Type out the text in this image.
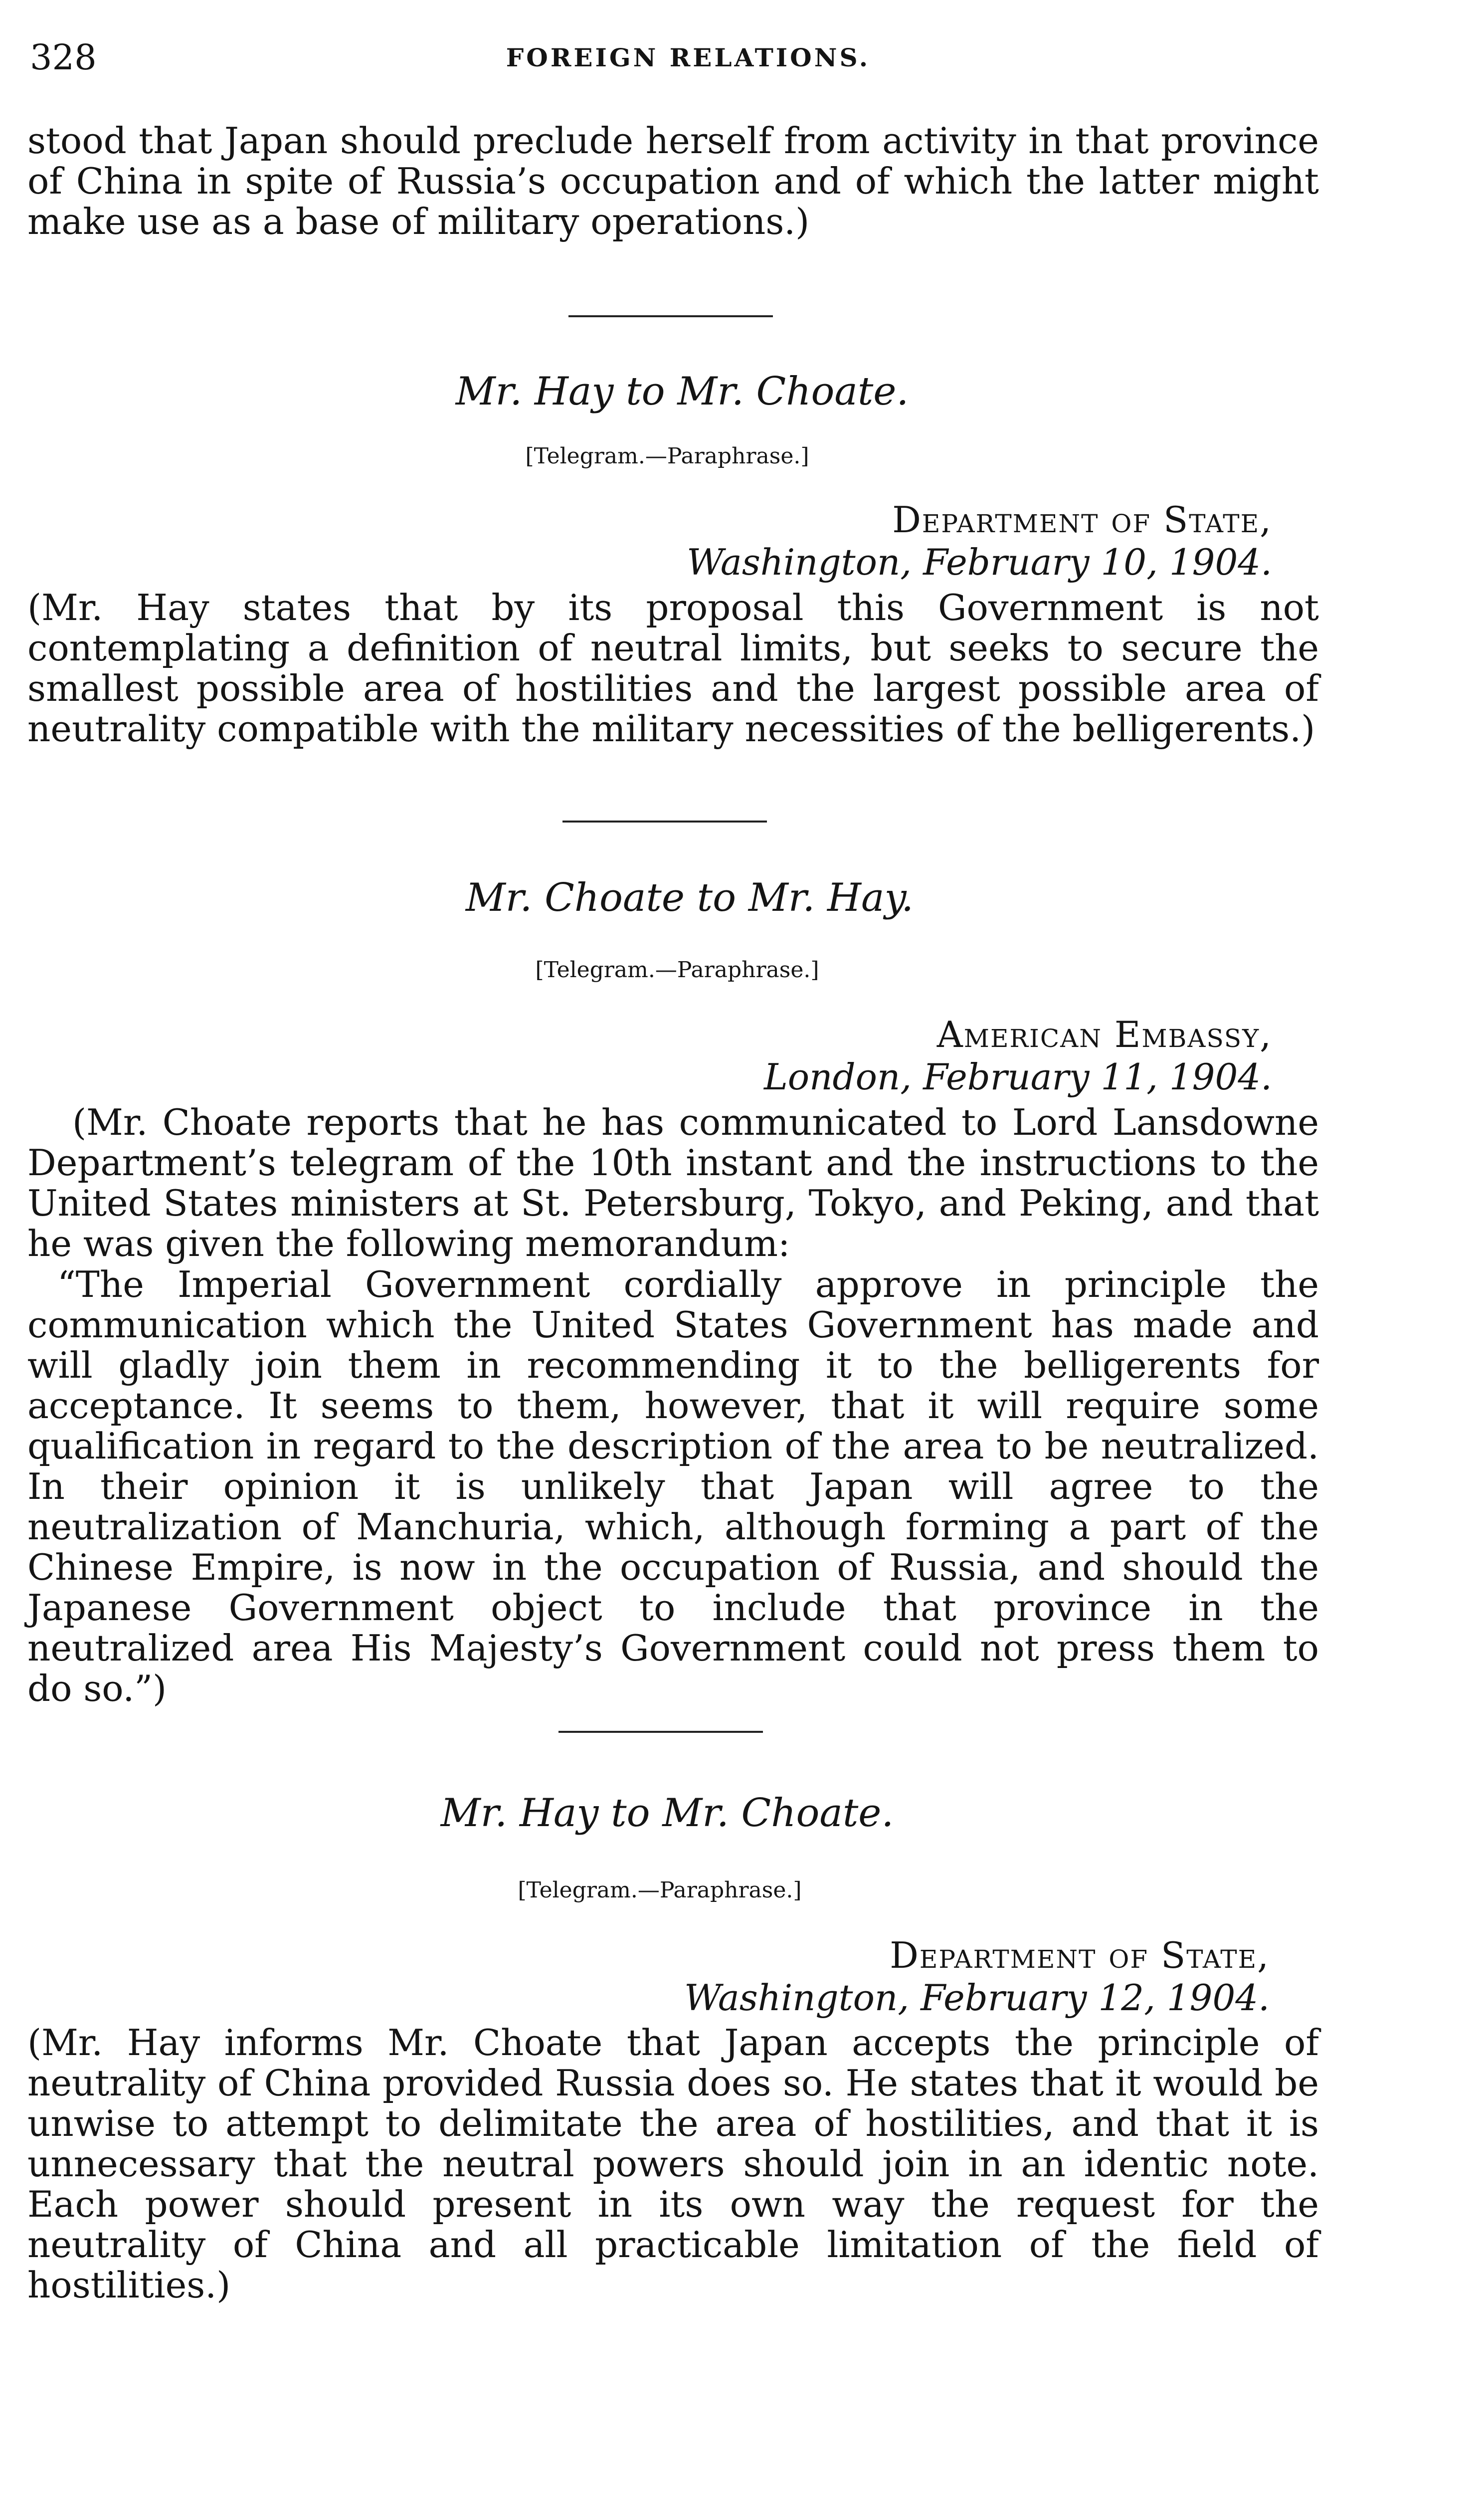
328	FOREIGN RELATIONS.

stood that Japan should preclude herself from activity in that province of China in spite of Russia’s occupation and of which the latter might make use as a base of military operations.)

Mr. Hay to Mr. Choate.
[Telegram.—Paraphrase.]
Department of State,
Washington, February 10, 1904.

(Mr. Hay states that by its proposal this Government is not contemplating a definition of neutral limits, but seeks to secure the smallest possible area of hostilities and the largest possible area of neutrality compatible with the military necessities of the belligerents.)

Mr. Choate to Mr. Hay.
[Telegram.—Paraphrase.]
American Embassy,
London, February 11, 1904.

(Mr. Choate reports that he has communicated to Lord Lansdowne Department’s telegram of the 10th instant and the instructions to the United States ministers at St. Petersburg, Tokyo, and Peking, and that he was given the following memorandum:

“The Imperial Government cordially approve in principle the communication which the United States Government has made and will gladly join them in recommending it to the belligerents for acceptance. It seems to them, however, that it will require some qualification in regard to the description of the area to be neutralized. In their opinion it is unlikely that Japan will agree to the neutralization of Manchuria, which, although forming a part of the Chinese Empire, is now in the occupation of Russia, and should the Japanese Government object to include that province in the neutralized area His Majesty’s Government could not press them to do so.”)

Mr. Hay to Mr. Choate.
[Telegram.—Paraphrase.]
Department of State,
Washington, February 12, 1904.

(Mr. Hay informs Mr. Choate that Japan accepts the principle of neutrality of China provided Russia does so. He states that it would be unwise to attempt to delimitate the area of hostilities, and that it is unnecessary that the neutral powers should join in an identic note. Each power should present in its own way the request for the neutrality of China and all practicable limitation of the field of hostilities.)
